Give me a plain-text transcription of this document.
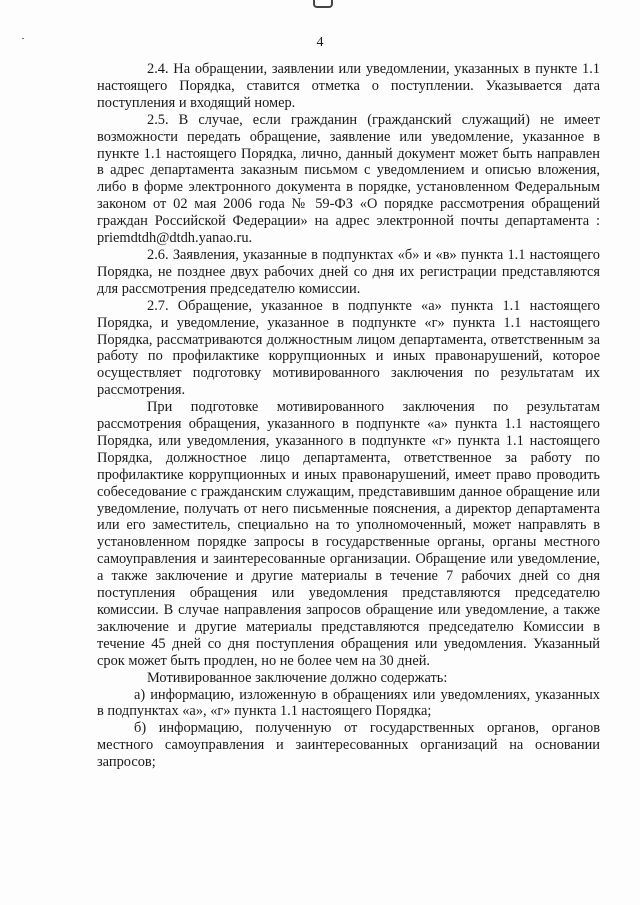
4

2.4. На обращении, заявлении или уведомлении, указанных в пункте 1.1 настоящего Порядка, ставится отметка о поступлении. Указывается дата поступления и входящий номер.

2.5. В случае, если гражданин (гражданский служащий) не имеет возможности передать обращение, заявление или уведомление, указанное в пункте 1.1 настоящего Порядка, лично, данный документ может быть направлен в адрес департамента заказным письмом с уведомлением и описью вложения, либо в форме электронного документа в порядке, установленном Федеральным законом от 02 мая 2006 года № 59-ФЗ «О порядке рассмотрения обращений граждан Российской Федерации» на адрес электронной почты департамента : priemdtdh@dtdh.yanao.ru.

2.6. Заявления, указанные в подпунктах «б» и «в» пункта 1.1 настоящего Порядка, не позднее двух рабочих дней со дня их регистрации представляются для рассмотрения председателю комиссии.

2.7. Обращение, указанное в подпункте «а» пункта 1.1 настоящего Порядка, и уведомление, указанное в подпункте «г» пункта 1.1 настоящего Порядка, рассматриваются должностным лицом департамента, ответственным за работу по профилактике коррупционных и иных правонарушений, которое осуществляет подготовку мотивированного заключения по результатам их рассмотрения.

При подготовке мотивированного заключения по результатам рассмотрения обращения, указанного в подпункте «а» пункта 1.1 настоящего Порядка, или уведомления, указанного в подпункте «г» пункта 1.1 настоящего Порядка, должностное лицо департамента, ответственное за работу по профилактике коррупционных и иных правонарушений, имеет право проводить собеседование с гражданским служащим, представившим данное обращение или уведомление, получать от него письменные пояснения, а директор департамента или его заместитель, специально на то уполномоченный, может направлять в установленном порядке запросы в государственные органы, органы местного самоуправления и заинтересованные организации. Обращение или уведомление, а также заключение и другие материалы в течение 7 рабочих дней со дня поступления обращения или уведомления представляются председателю комиссии. В случае направления запросов обращение или уведомление, а также заключение и другие материалы представляются председателю Комиссии в течение 45 дней со дня поступления обращения или уведомления. Указанный срок может быть продлен, но не более чем на 30 дней.

Мотивированное заключение должно содержать:

а) информацию, изложенную в обращениях или уведомлениях, указанных в подпунктах «а», «г» пункта 1.1 настоящего Порядка;

б) информацию, полученную от государственных органов, органов местного самоуправления и заинтересованных организаций на основании запросов;
